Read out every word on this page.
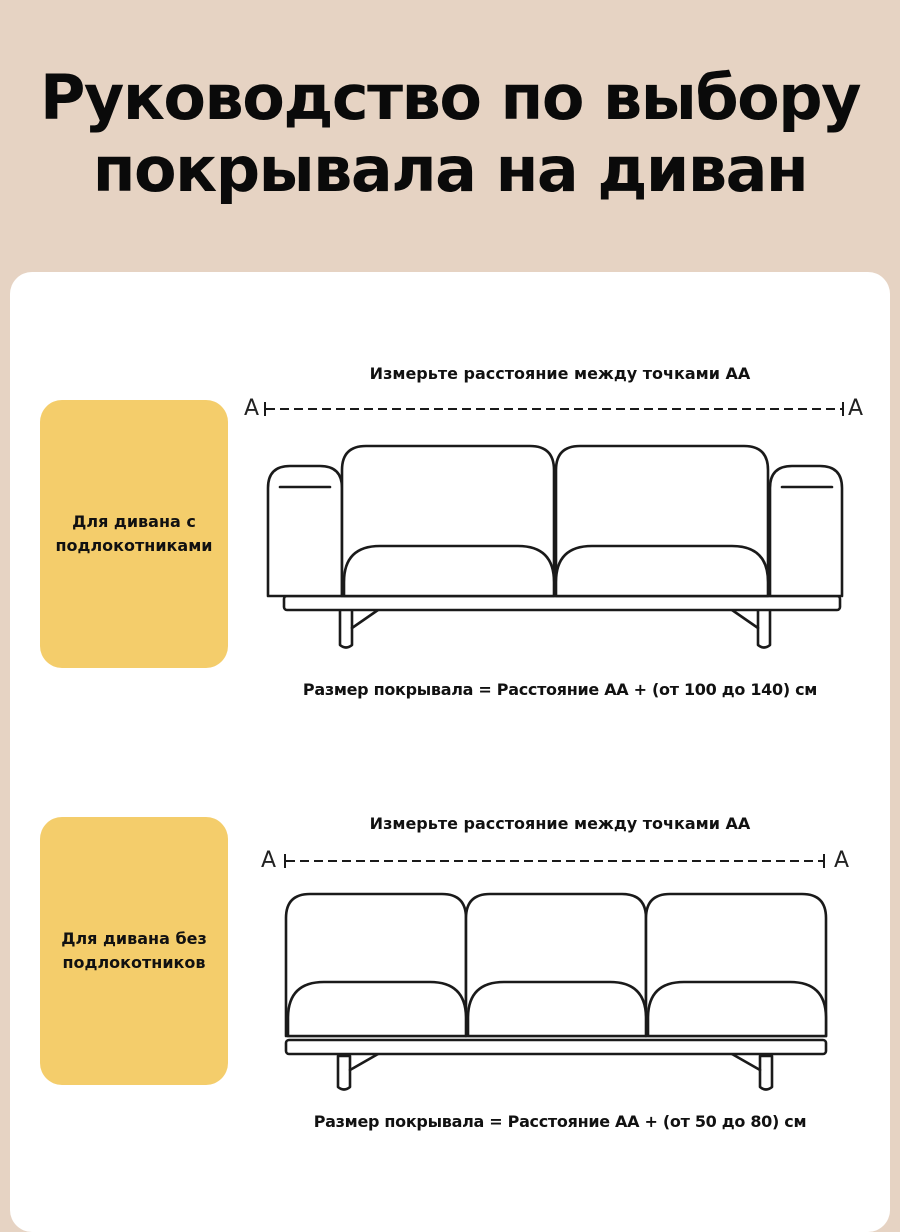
Руководство по выбору
покрывала на диван
Для дивана с подлокотниками
Измерьте расстояние между точками АА
A	A
Размер покрывала = Расстояние АА + (от 100 до 140) см
Для дивана без подлокотников
Измерьте расстояние между точками АА
A	A
Размер покрывала = Расстояние АА + (от 50 до 80) см
